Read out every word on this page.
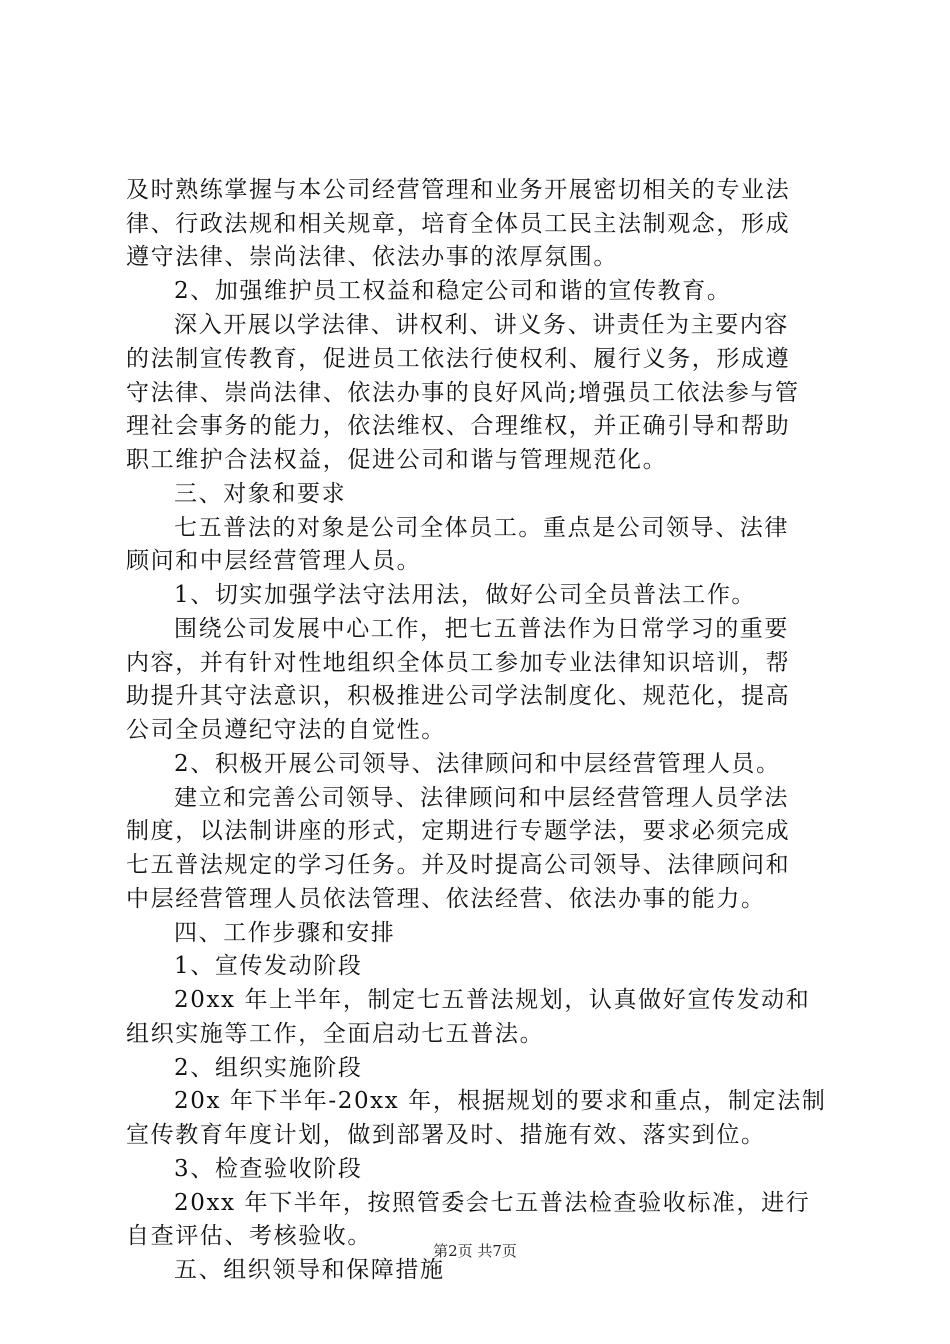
及时熟练掌握与本公司经营管理和业务开展密切相关的专业法
律、行政法规和相关规章，培育全体员工民主法制观念，形成
遵守法律、崇尚法律、依法办事的浓厚氛围。
2、加强维护员工权益和稳定公司和谐的宣传教育。
深入开展以学法律、讲权利、讲义务、讲责任为主要内容
的法制宣传教育，促进员工依法行使权利、履行义务，形成遵
守法律、崇尚法律、依法办事的良好风尚;增强员工依法参与管
理社会事务的能力，依法维权、合理维权，并正确引导和帮助
职工维护合法权益，促进公司和谐与管理规范化。
三、对象和要求
七五普法的对象是公司全体员工。重点是公司领导、法律
顾问和中层经营管理人员。
1、切实加强学法守法用法，做好公司全员普法工作。
围绕公司发展中心工作，把七五普法作为日常学习的重要
内容，并有针对性地组织全体员工参加专业法律知识培训，帮
助提升其守法意识，积极推进公司学法制度化、规范化，提高
公司全员遵纪守法的自觉性。
2、积极开展公司领导、法律顾问和中层经营管理人员。
建立和完善公司领导、法律顾问和中层经营管理人员学法
制度，以法制讲座的形式，定期进行专题学法，要求必须完成
七五普法规定的学习任务。并及时提高公司领导、法律顾问和
中层经营管理人员依法管理、依法经营、依法办事的能力。
四、工作步骤和安排
1、宣传发动阶段
20xx 年上半年，制定七五普法规划，认真做好宣传发动和
组织实施等工作，全面启动七五普法。
2、组织实施阶段
20x 年下半年-20xx 年，根据规划的要求和重点，制定法制
宣传教育年度计划，做到部署及时、措施有效、落实到位。
3、检查验收阶段
20xx 年下半年，按照管委会七五普法检查验收标准，进行
自查评估、考核验收。
五、组织领导和保障措施
第2页 共7页
